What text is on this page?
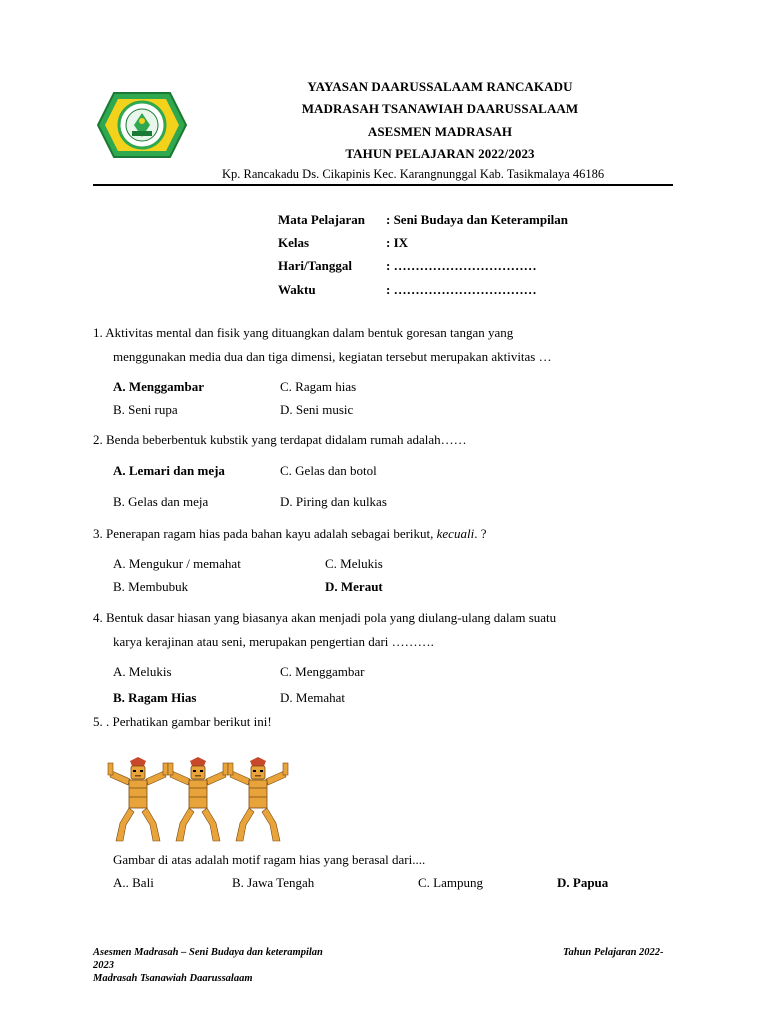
YAYASAN DAARUSSALAAM RANCAKADU
MADRASAH TSANAWIAH DAARUSSALAAM
ASESMEN MADRASAH
TAHUN PELAJARAN 2022/2023
Kp. Rancakadu Ds. Cikapinis Kec. Karangnunggal Kab. Tasikmalaya 46186
Mata Pelajaran : Seni Budaya dan Keterampilan
Kelas	: IX
Hari/Tanggal	: ……………………………
Waktu	: ……………………………
1. Aktivitas mental dan fisik yang dituangkan dalam bentuk goresan tangan yang
menggunakan media dua dan tiga dimensi, kegiatan tersebut merupakan aktivitas …
A. Menggambar	C. Ragam hias
B. Seni rupa	D. Seni music
2. Benda beberbentuk kubstik yang terdapat didalam rumah adalah……
A. Lemari dan meja	C. Gelas dan botol
B. Gelas dan meja	D. Piring dan kulkas
3. Penerapan ragam hias pada bahan kayu adalah sebagai berikut, kecuali. ?
A. Mengukur / memahat	C. Melukis
B. Membubuk	D. Meraut
4. Bentuk dasar hiasan yang biasanya akan menjadi pola yang diulang-ulang dalam suatu
karya kerajinan atau seni, merupakan pengertian dari ……….
A. Melukis	C. Menggambar
B. Ragam Hias	D. Memahat
5. . Perhatikan gambar berikut ini!
Gambar di atas adalah motif ragam hias yang berasal dari....
A.. Bali	B. Jawa Tengah	C. Lampung	D. Papua
Asesmen Madrasah – Seni Budaya dan keterampilan	Tahun Pelajaran 2022-
2023
Madrasah Tsanawiah Daarussalaam
